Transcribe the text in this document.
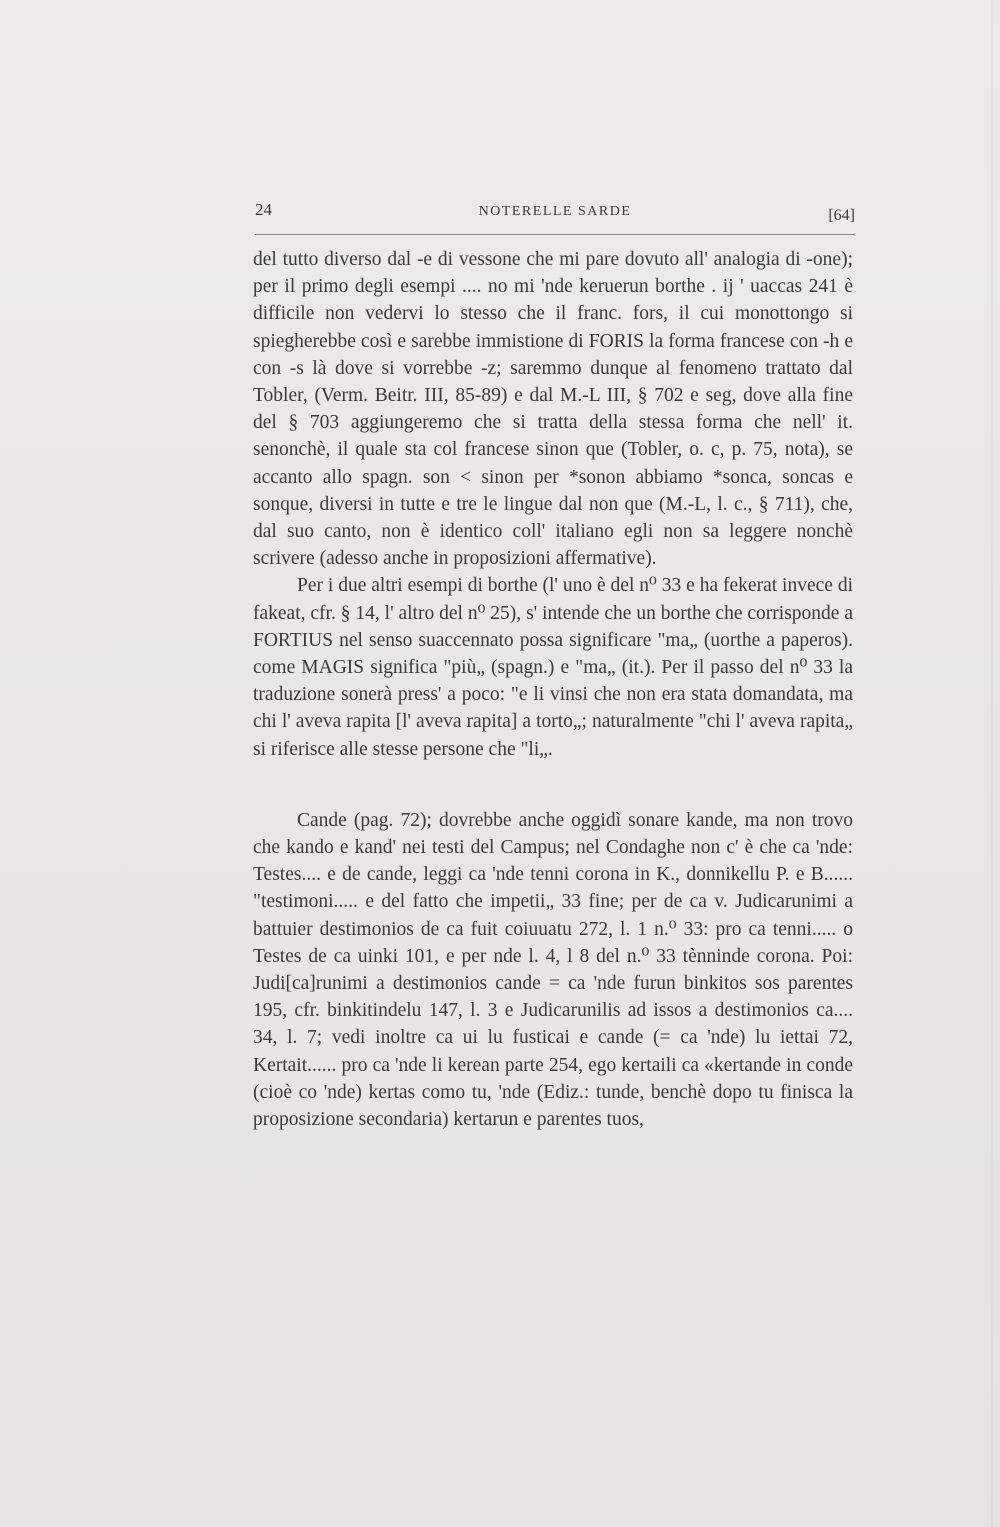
24	NOTERELLE SARDE	[64]

del tutto diverso dal -e di vessone che mi pare dovuto all' analogia di -one); per il primo degli esempi .... no mi 'nde keruerun borthe . ij ' uaccas 241 è difficile non vedervi lo stesso che il franc. fors, il cui monottongo si spiegherebbe così e sarebbe immistione di FORIS la forma francese con -h e con -s là dove si vorrebbe -z; saremmo dunque al fenomeno trattato dal Tobler, (Verm. Beitr. III, 85-89) e dal M.-L III, § 702 e seg, dove alla fine del § 703 aggiungeremo che si tratta della stessa forma che nell' it. senonchè, il quale sta col francese sinon que (Tobler, o. c, p. 75, nota), se accanto allo spagn. son < sinon per *sonon abbiamo *sonca, soncas e sonque, diversi in tutte e tre le lingue dal non que (M.-L, l. c., § 711), che, dal suo canto, non è identico coll' italiano egli non sa leggere nonchè scrivere (adesso anche in proposizioni affermative).

Per i due altri esempi di borthe (l' uno è del n⁰ 33 e ha fekerat invece di fakeat, cfr. § 14, l' altro del n⁰ 25), s' intende che un borthe che corrisponde a FORTIUS nel senso suaccennato possa significare "ma„ (uorthe a paperos). come MAGIS significa "più„ (spagn.) e "ma„ (it.). Per il passo del n⁰ 33 la traduzione sonerà press' a poco: "e li vinsi che non era stata domandata, ma chi l' aveva rapita [l' aveva rapita] a torto„; naturalmente "chi l' aveva rapita„ si riferisce alle stesse persone che "li„.

Cande (pag. 72); dovrebbe anche oggidì sonare kande, ma non trovo che kando e kand' nei testi del Campus; nel Condaghe non c' è che ca 'nde: Testes.... e de cande, leggi ca 'nde tenni corona in K., donnikellu P. e B...... "testimoni..... e del fatto che impetii„ 33 fine; per de ca v. Judicarunimi a battuier destimonios de ca fuit coiuuatu 272, l. 1 n.⁰ 33: pro ca tenni..... o Testes de ca uinki 101, e per nde l. 4, l 8 del n.⁰ 33 tènninde corona. Poi: Judi[ca]runimi a destimonios cande = ca 'nde furun binkitos sos parentes 195, cfr. binkitindelu 147, l. 3 e Judicarunilis ad issos a destimonios ca.... 34, l. 7; vedi inoltre ca ui lu fusticai e cande (= ca 'nde) lu iettai 72, Kertait...... pro ca 'nde li kerean parte 254, ego kertaili ca «kertande in conde (cioè co 'nde) kertas como tu, 'nde (Ediz.: tunde, benchè dopo tu finisca la proposizione secondaria) kertarun e parentes tuos,
